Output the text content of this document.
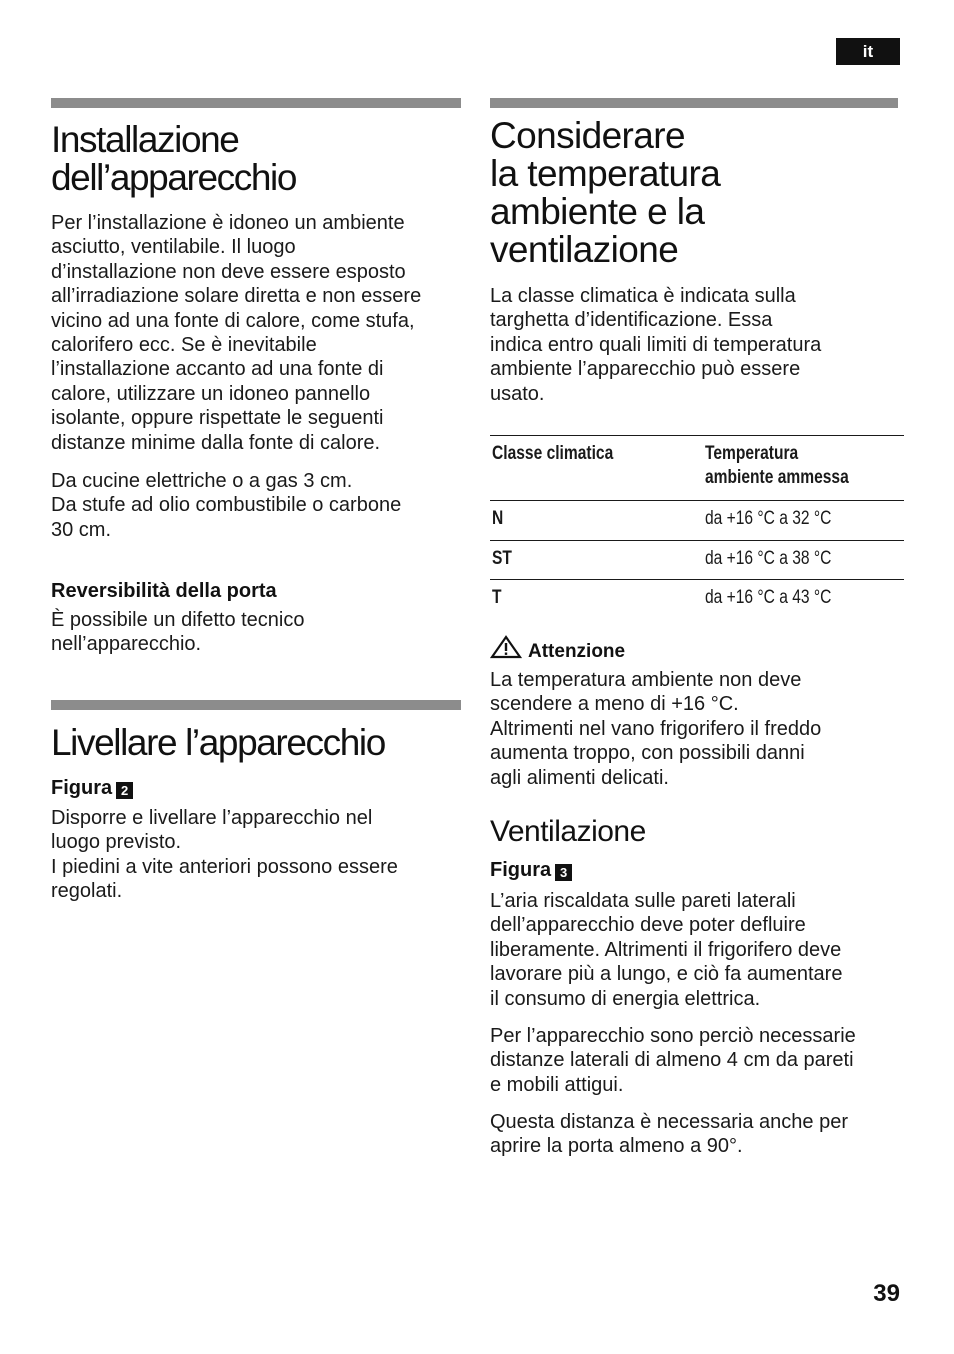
it
Installazione
dell’apparecchio

Per l’installazione è idoneo un ambiente
asciutto, ventilabile. Il luogo
d’installazione non deve essere esposto
all’irradiazione solare diretta e non essere
vicino ad una fonte di calore, come stufa,
calorifero ecc. Se è inevitabile
l’installazione accanto ad una fonte di
calore, utilizzare un idoneo pannello
isolante, oppure rispettate le seguenti
distanze minime dalla fonte di calore.

Da cucine elettriche o a gas 3 cm.
Da stufe ad olio combustibile o carbone
30 cm.

Reversibilità della porta

È possibile un difetto tecnico
nell’apparecchio.

Livellare l’apparecchio
Figura 2

Disporre e livellare l’apparecchio nel
luogo previsto.
I piedini a vite anteriori possono essere
regolati.

Considerare
la temperatura
ambiente e la
ventilazione

La classe climatica è indicata sulla
targhetta d’identificazione. Essa
indica entro quali limiti di temperatura
ambiente l’apparecchio può essere
usato.

Classe climatica	Temperatura
ambiente ammessa
N	da +16 °C a 32 °C
ST	da +16 °C a 38 °C
T	da +16 °C a 43 °C
Attenzione

La temperatura ambiente non deve
scendere a meno di +16 °C.
Altrimenti nel vano frigorifero il freddo
aumenta troppo, con possibili danni
agli alimenti delicati.

Ventilazione
Figura 3

L’aria riscaldata sulle pareti laterali
dell’apparecchio deve poter defluire
liberamente. Altrimenti il frigorifero deve
lavorare più a lungo, e ciò fa aumentare
il consumo di energia elettrica.

Per l’apparecchio sono perciò necessarie
distanze laterali di almeno 4 cm da pareti
e mobili attigui.

Questa distanza è necessaria anche per
aprire la porta almeno a 90°.

39
